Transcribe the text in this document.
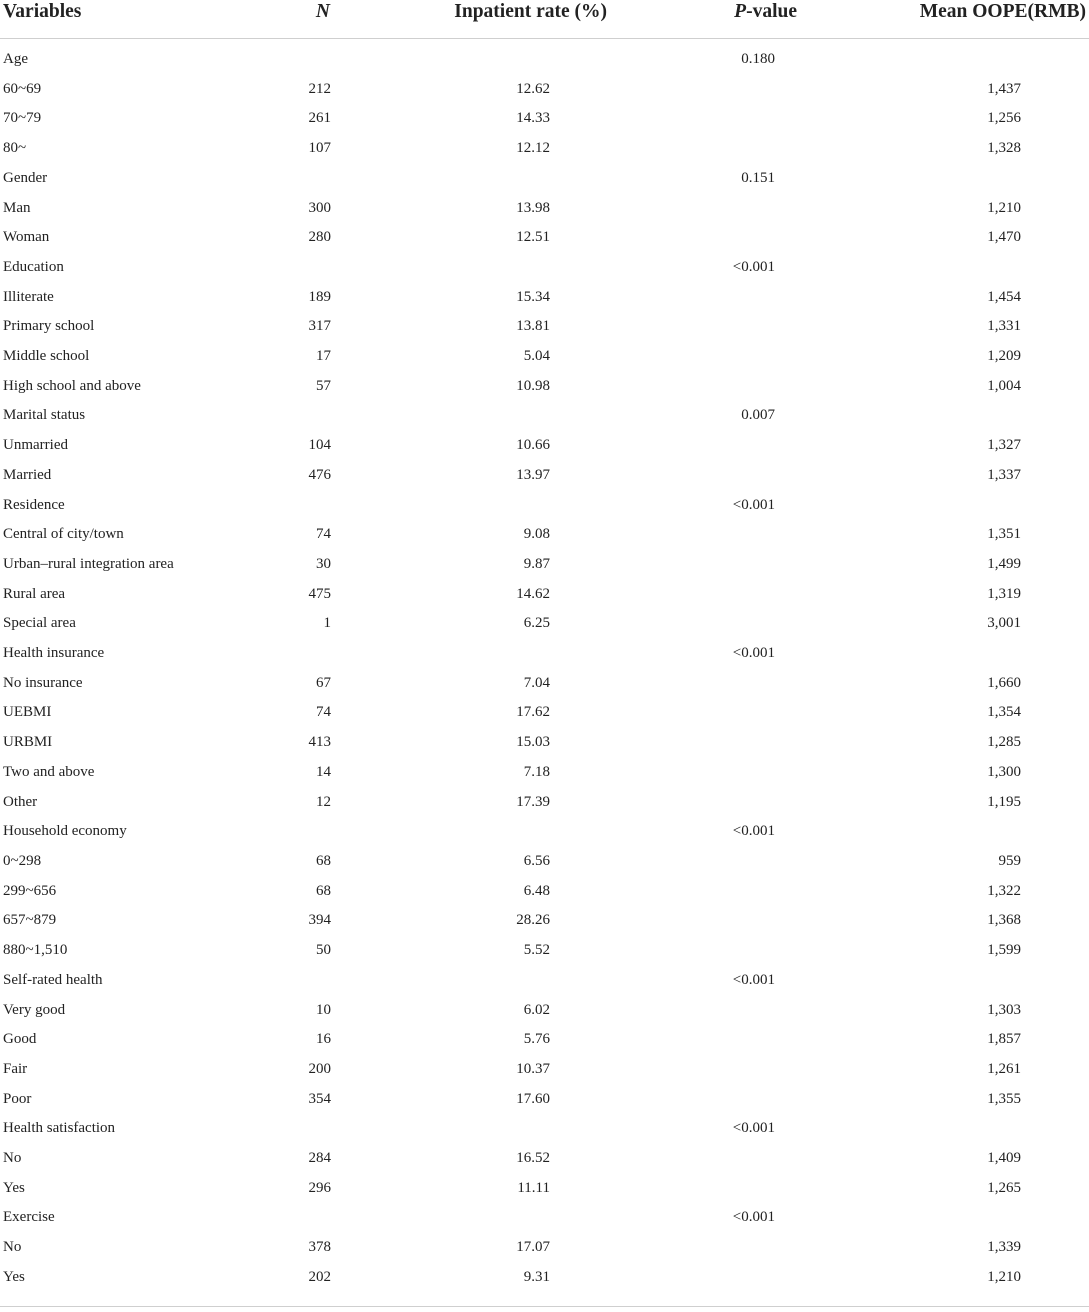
Variables	N	Inpatient rate (%)	P-value	Mean OOPE(RMB)
Age			0.180	
60~69	212	12.62		1,437
70~79	261	14.33		1,256
80~	107	12.12		1,328
Gender			0.151	
Man	300	13.98		1,210
Woman	280	12.51		1,470
Education			<0.001	
Illiterate	189	15.34		1,454
Primary school	317	13.81		1,331
Middle school	17	5.04		1,209
High school and above	57	10.98		1,004
Marital status			0.007	
Unmarried	104	10.66		1,327
Married	476	13.97		1,337
Residence			<0.001	
Central of city/town	74	9.08		1,351
Urban–rural integration area	30	9.87		1,499
Rural area	475	14.62		1,319
Special area	1	6.25		3,001
Health insurance			<0.001	
No insurance	67	7.04		1,660
UEBMI	74	17.62		1,354
URBMI	413	15.03		1,285
Two and above	14	7.18		1,300
Other	12	17.39		1,195
Household economy			<0.001	
0~298	68	6.56		959
299~656	68	6.48		1,322
657~879	394	28.26		1,368
880~1,510	50	5.52		1,599
Self-rated health			<0.001	
Very good	10	6.02		1,303
Good	16	5.76		1,857
Fair	200	10.37		1,261
Poor	354	17.60		1,355
Health satisfaction			<0.001	
No	284	16.52		1,409
Yes	296	11.11		1,265
Exercise			<0.001	
No	378	17.07		1,339
Yes	202	9.31		1,210
